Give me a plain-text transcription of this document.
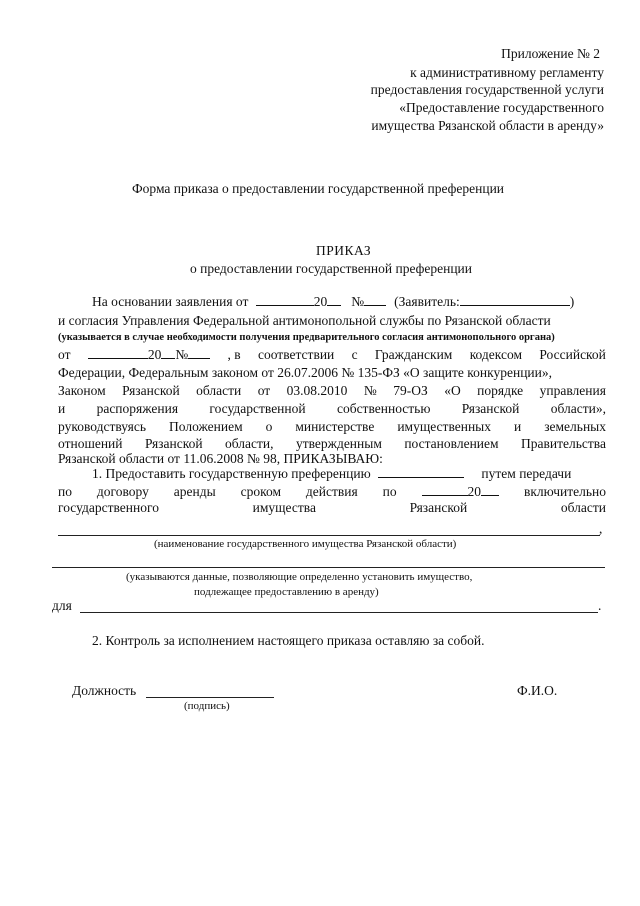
Приложение № 2
к административному регламенту
предоставления государственной услуги
«Предоставление государственного
имущества Рязанской области в аренду»
Форма приказа о предоставлении государственной преференции
ПРИКАЗ
о предоставлении государственной преференции
На основании заявления от	20 № (Заявитель:	)
и согласия Управления Федеральной антимонопольной службы по Рязанской области
(указывается в случае необходимости получения предварительного согласия антимонопольного органа)
от	20 №	, в соответствии с Гражданским кодексом Российской
Федерации, Федеральным законом от 26.07.2006 № 135-ФЗ «О защите конкуренции»,
Законом Рязанской области от 03.08.2010 № 79-ОЗ «О порядке управления
и распоряжения государственной собственностью Рязанской области»,
руководствуясь Положением о министерстве имущественных и земельных
отношений Рязанской области, утвержденным постановлением Правительства
Рязанской области от 11.06.2008 № 98, ПРИКАЗЫВАЮ:
1. Предоставить государственную преференцию	путем передачи
по договору аренды сроком действия по	20	включительно
государственного	имущества	Рязанской	области
,
(наименование государственного имущества Рязанской области)
(указываются данные, позволяющие определенно установить имущество,
подлежащее предоставлению в аренду)
для	.
2. Контроль за исполнением настоящего приказа оставляю за собой.
Должность
(подпись)
Ф.И.О.
